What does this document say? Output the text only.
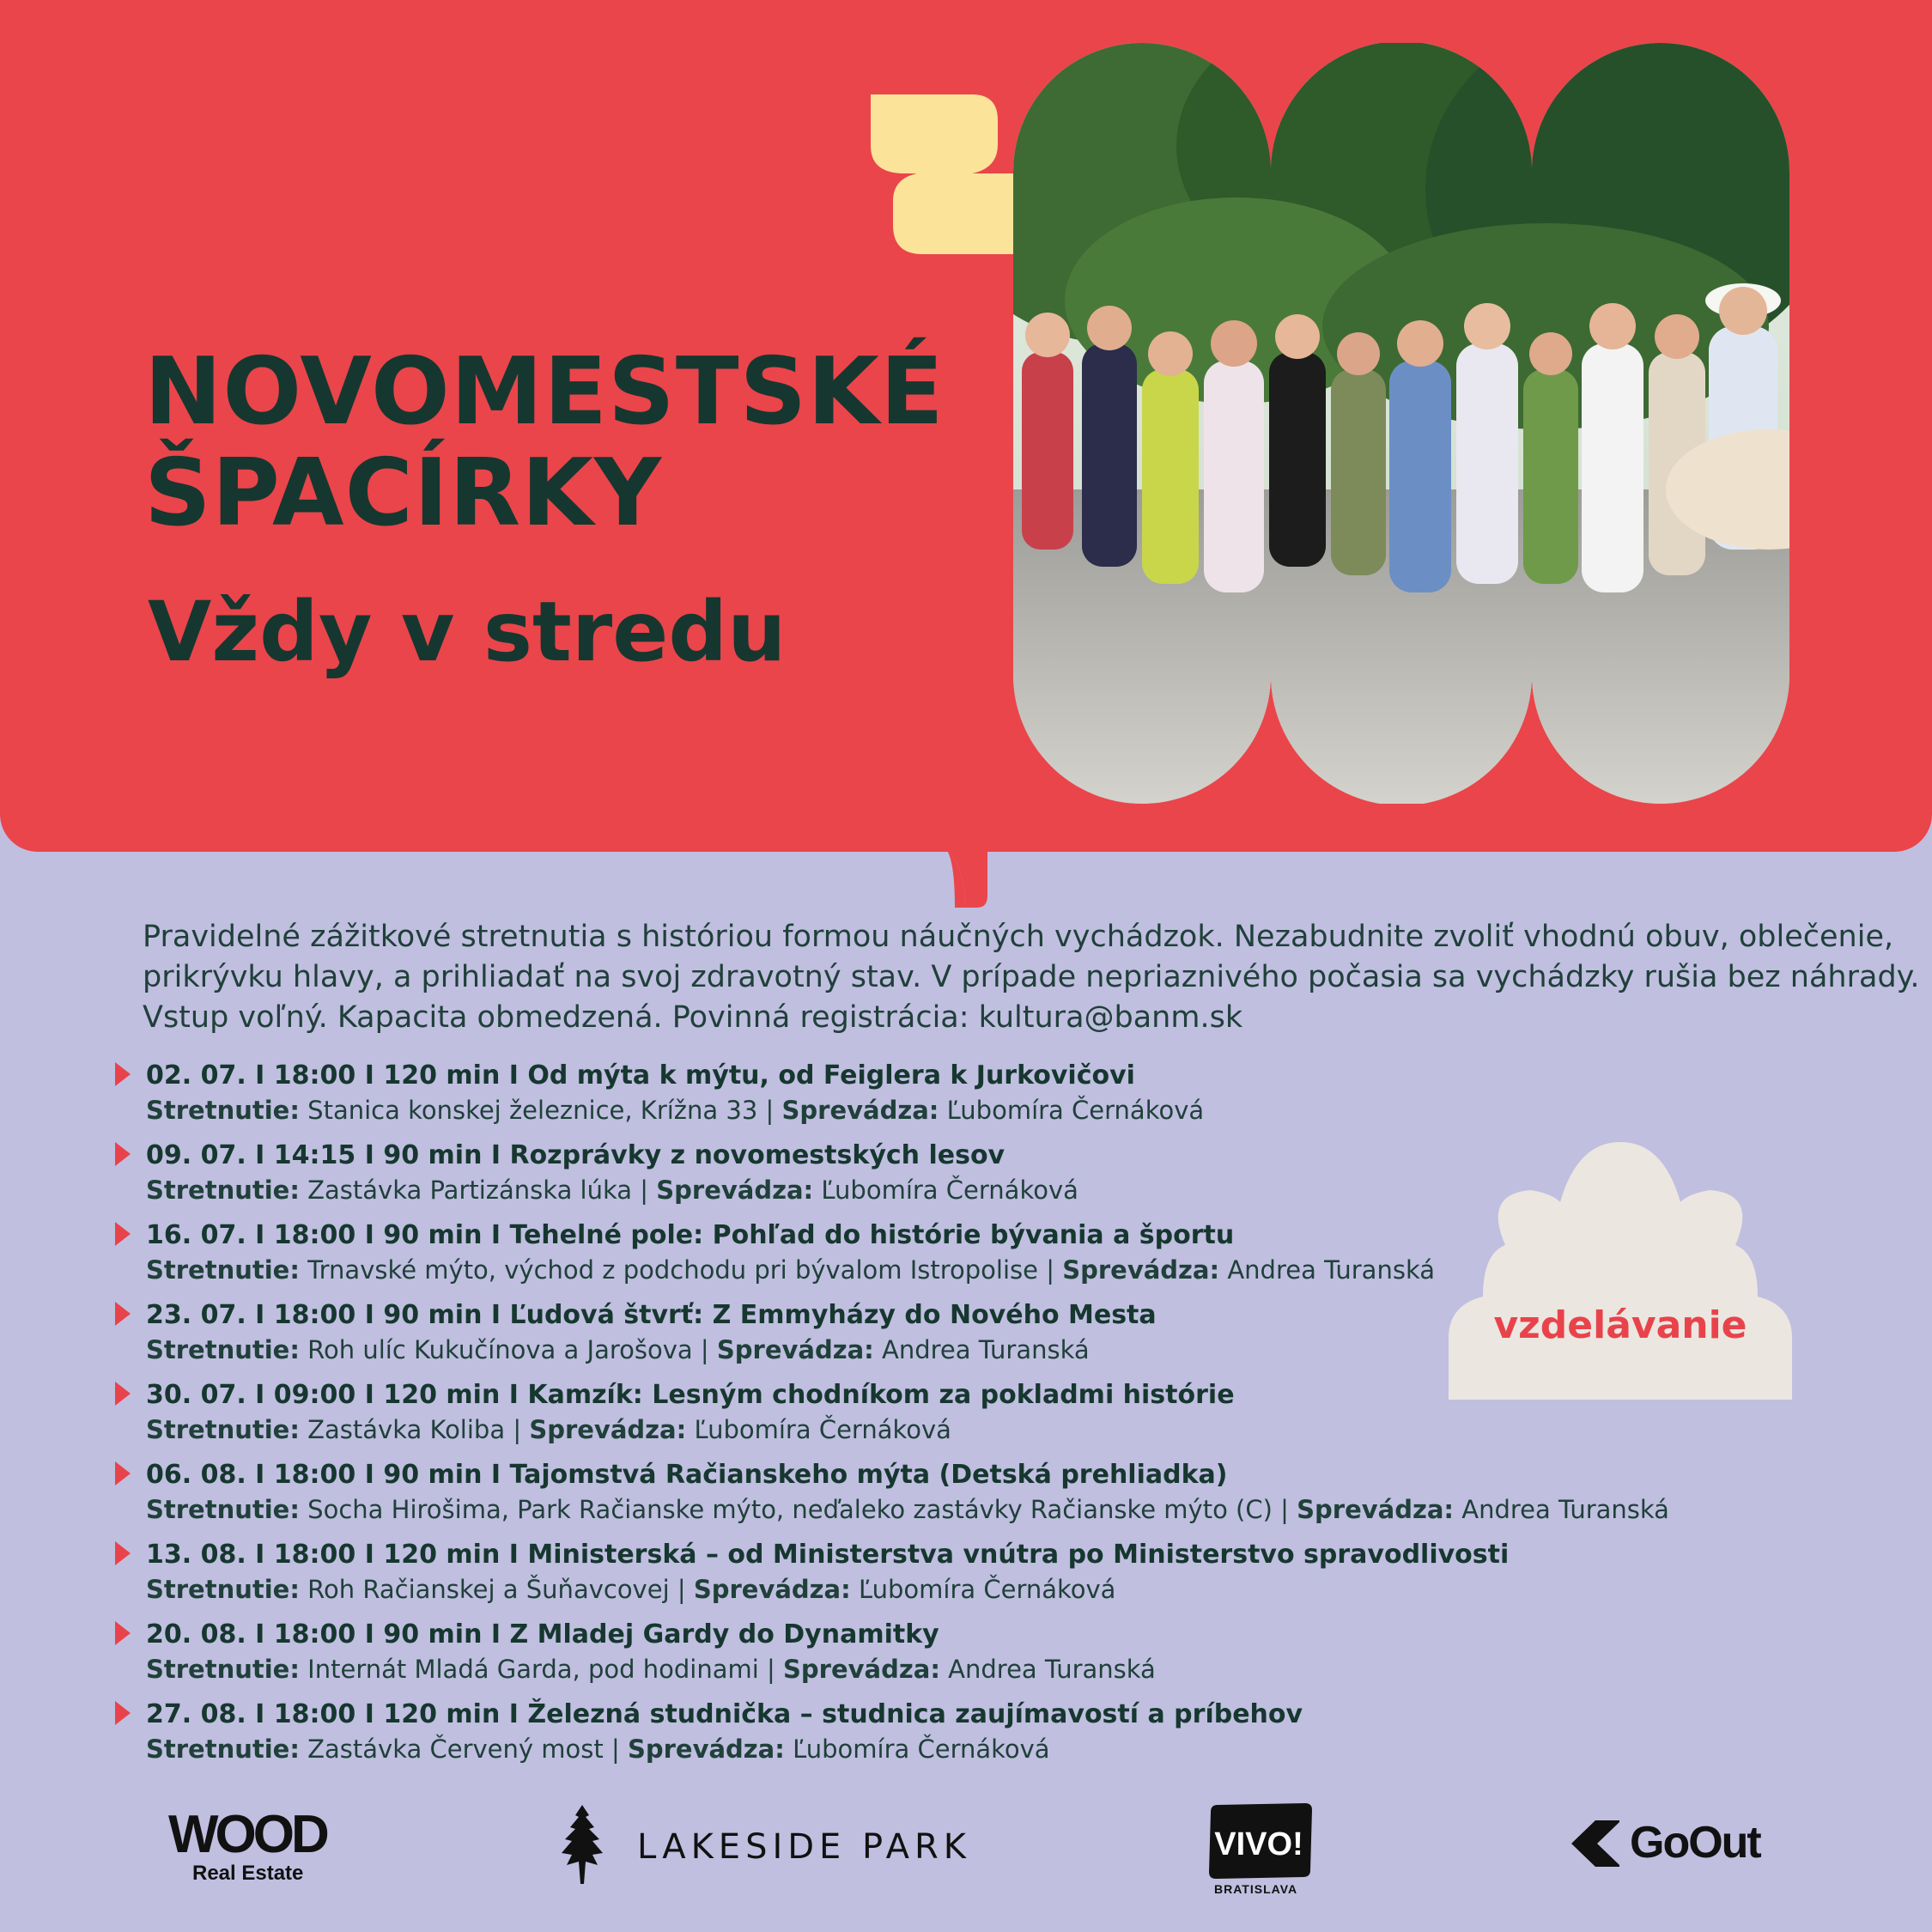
NOVOMESTSKÉ
ŠPACÍRKY
Vždy v stredu

Pravidelné zážitkové stretnutia s históriou formou náučných vychádzok. Nezabudnite zvoliť vhodnú obuv, oblečenie,
prikrývku hlavy, a prihliadať na svoj zdravotný stav. V prípade nepriaznivého počasia sa vychádzky rušia bez náhrady.
Vstup voľný. Kapacita obmedzená. Povinná registrácia: kultura@banm.sk

02. 07. I 18:00 I 120 min I Od mýta k mýtu, od Feiglera k Jurkovičovi
Stretnutie: Stanica konskej železnice, Krížna 33 | Sprevádza: Ľubomíra Černáková
09. 07. I 14:15 I 90 min I Rozprávky z novomestských lesov
Stretnutie: Zastávka Partizánska lúka | Sprevádza: Ľubomíra Černáková
16. 07. I 18:00 I 90 min I Tehelné pole: Pohľad do histórie bývania a športu
Stretnutie: Trnavské mýto, východ z podchodu pri bývalom Istropolise | Sprevádza: Andrea Turanská
23. 07. I 18:00 I 90 min I Ľudová štvrť: Z Emmyházy do Nového Mesta
Stretnutie: Roh ulíc Kukučínova a Jarošova | Sprevádza: Andrea Turanská
30. 07. I 09:00 I 120 min I Kamzík: Lesným chodníkom za pokladmi histórie
Stretnutie: Zastávka Koliba | Sprevádza: Ľubomíra Černáková
06. 08. I 18:00 I 90 min I Tajomstvá Račianskeho mýta (Detská prehliadka)
Stretnutie: Socha Hirošima, Park Račianske mýto, neďaleko zastávky Račianske mýto (C) | Sprevádza: Andrea Turanská
13. 08. I 18:00 I 120 min I Ministerská – od Ministerstva vnútra po Ministerstvo spravodlivosti
Stretnutie: Roh Račianskej a Šuňavcovej | Sprevádza: Ľubomíra Černáková
20. 08. I 18:00 I 90 min I Z Mladej Gardy do Dynamitky
Stretnutie: Internát Mladá Garda, pod hodinami | Sprevádza: Andrea Turanská
27. 08. I 18:00 I 120 min I Železná studnička – studnica zaujímavostí a príbehov
Stretnutie: Zastávka Červený most | Sprevádza: Ľubomíra Černáková
vzdelávanie
WOOD
Real Estate
LAKESIDE PARK	VIVO!
BRATISLAVA
GoOut
